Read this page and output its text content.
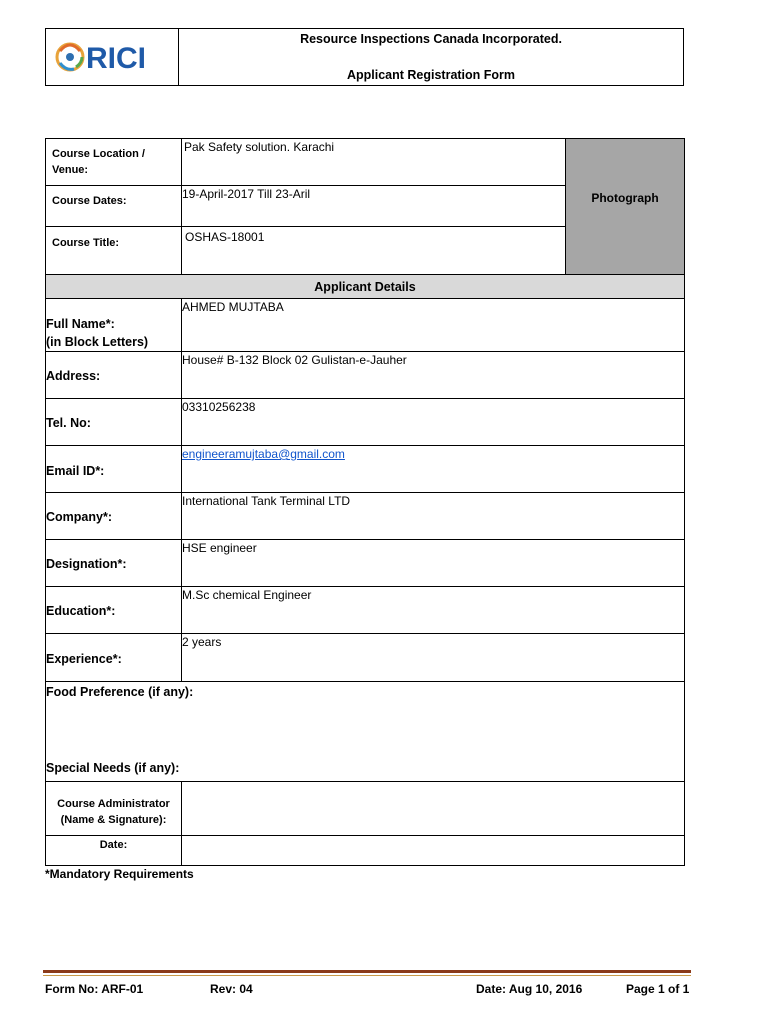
RICI
Resource Inspections Canada Incorporated.
Applicant Registration Form
Course Location / Venue:
Pak Safety solution. Karachi
Course Dates:	19-April-2017 Till 23-Aril
Course Title:	OSHAS-18001
Photograph
Applicant Details
Full Name*:
(in Block Letters)
AHMED MUJTABA
Address:
House# B-132 Block 02 Gulistan-e-Jauher
Tel. No:
03310256238
Email ID*:
engineeramujtaba@gmail.com
Company*:
International Tank Terminal LTD
Designation*:
HSE engineer
Education*:
M.Sc chemical Engineer
Experience*:
2 years
Food Preference (if any):
Special Needs (if any):
Course Administrator
(Name & Signature):
Date:
*Mandatory Requirements
Form No: ARF-01	Rev: 04	Date: Aug 10, 2016	Page 1 of 1
